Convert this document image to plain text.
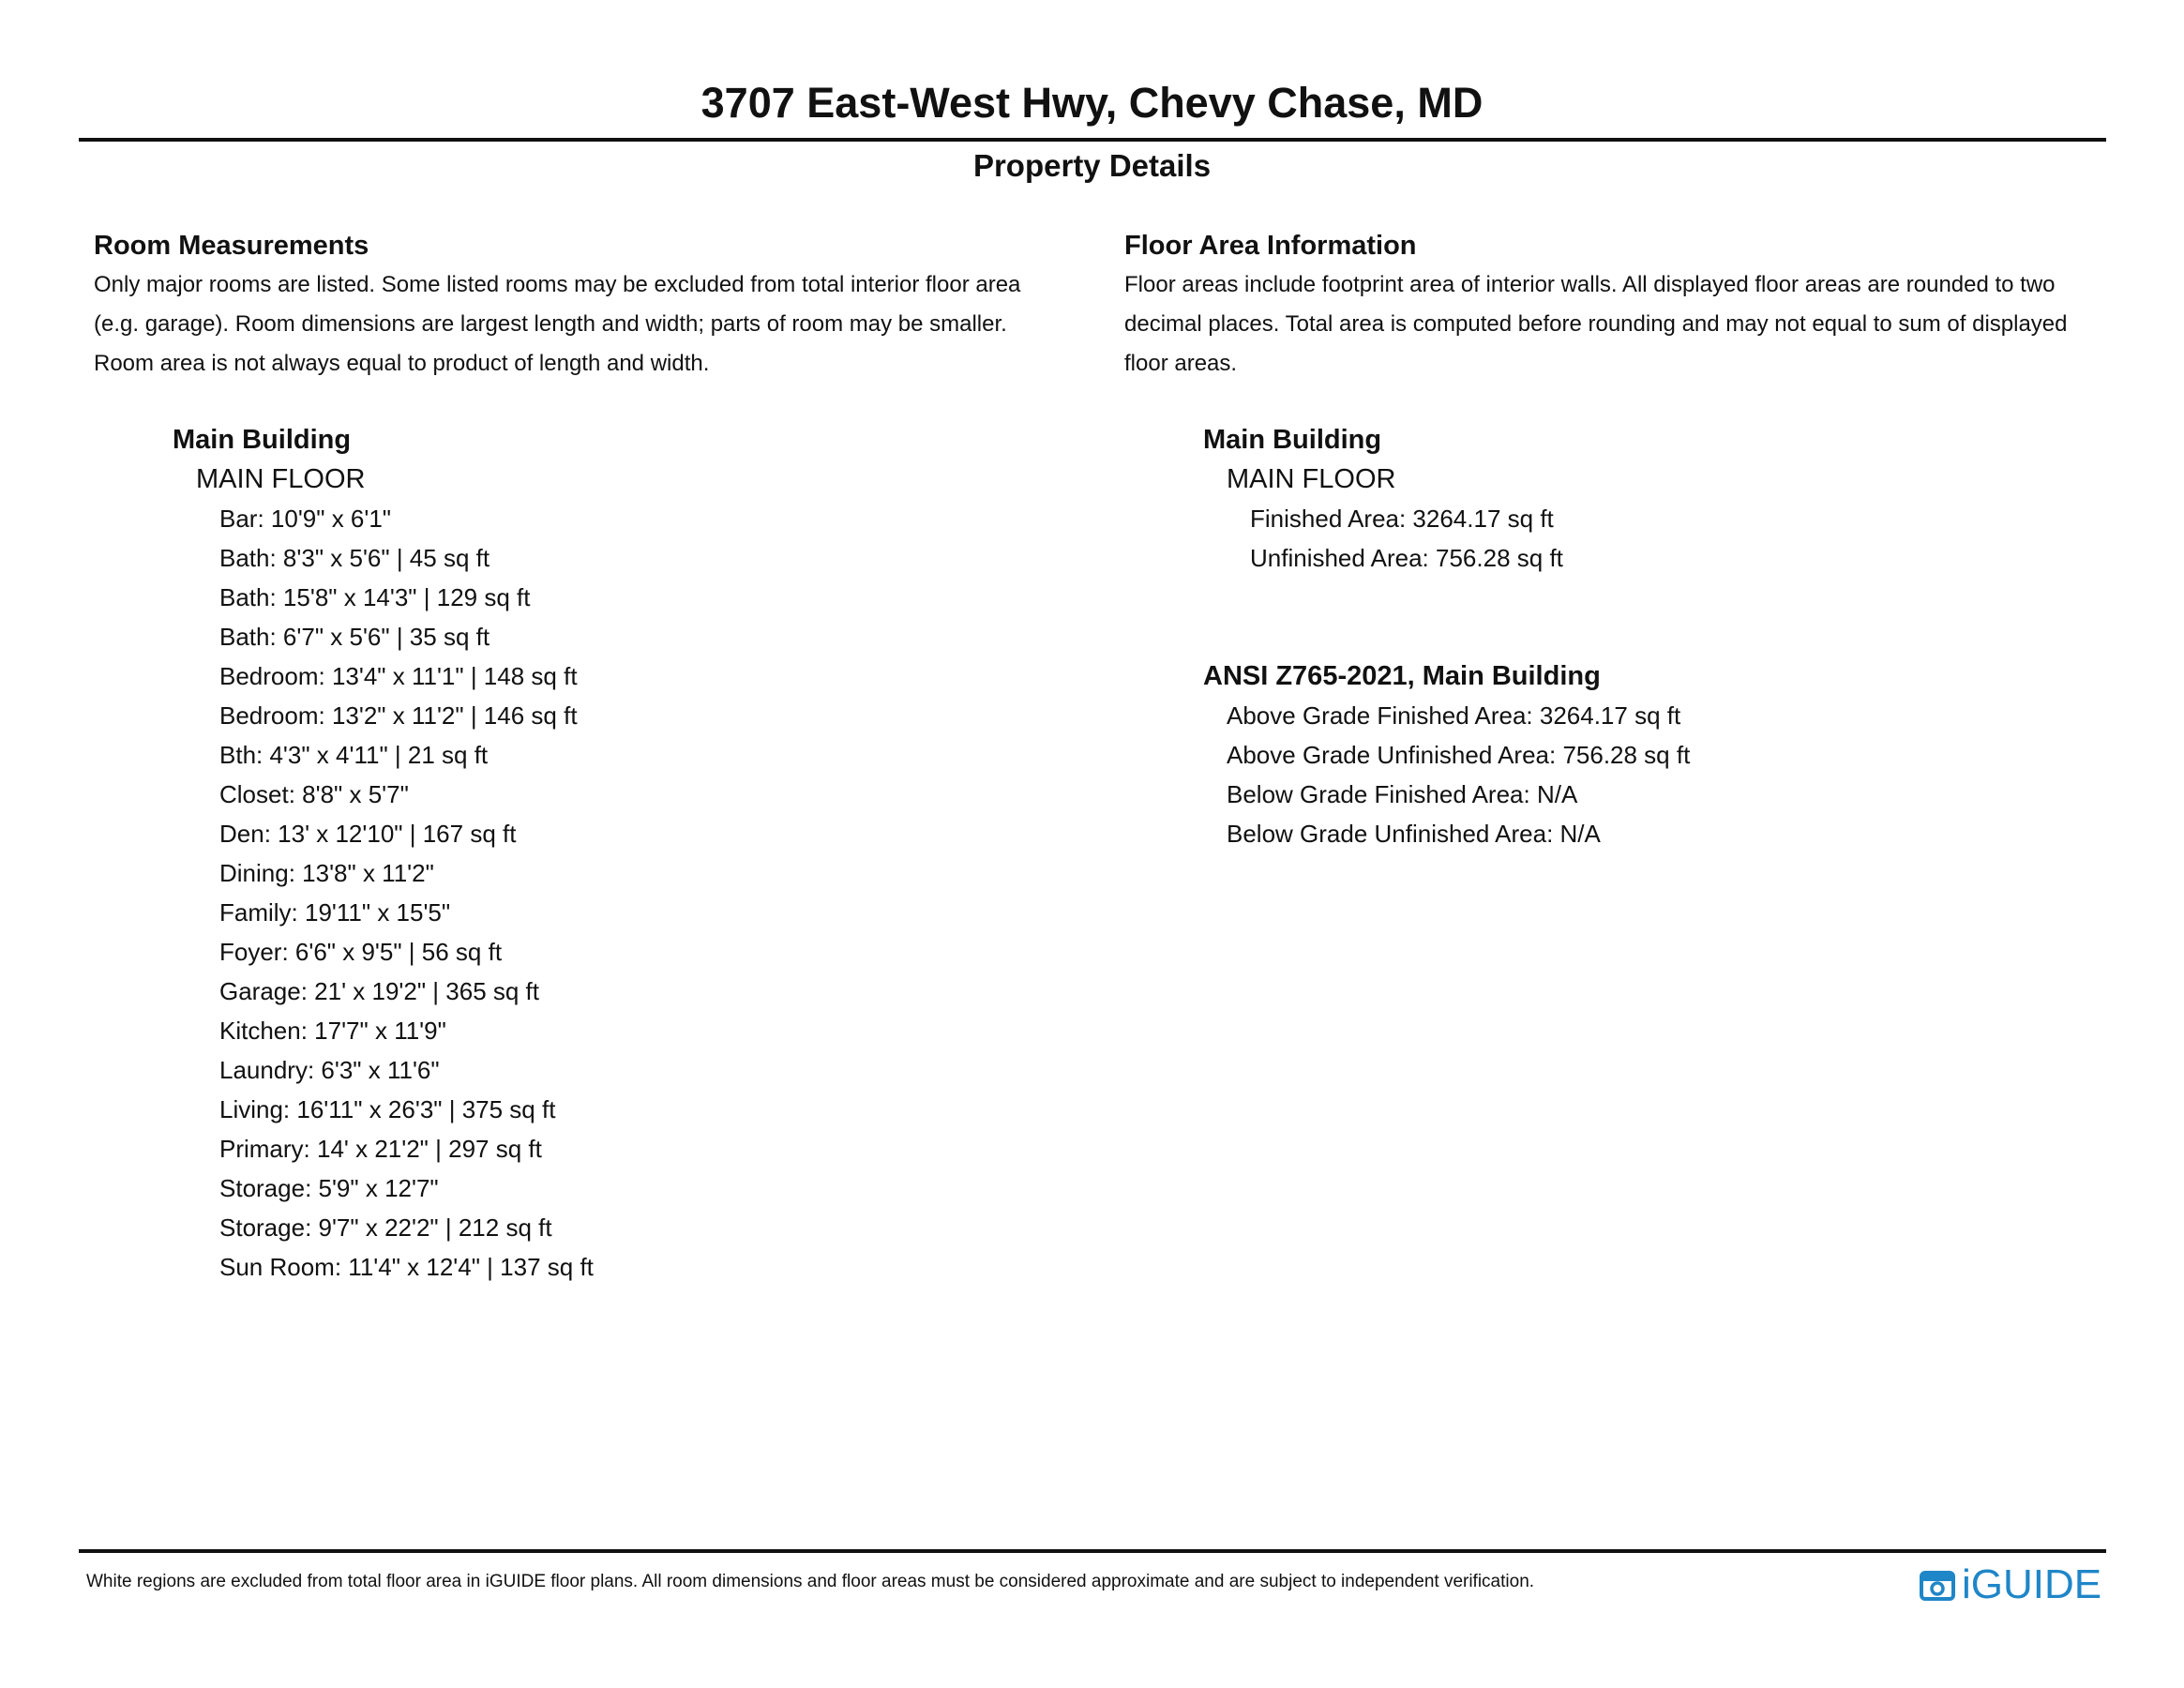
3707 East-West Hwy, Chevy Chase, MD
Property Details
Room Measurements
Only major rooms are listed. Some listed rooms may be excluded from total interior floor area
(e.g. garage). Room dimensions are largest length and width; parts of room may be smaller.
Room area is not always equal to product of length and width.
Main Building
MAIN FLOOR
Bar: 10'9" x 6'1"
Bath: 8'3" x 5'6" | 45 sq ft
Bath: 15'8" x 14'3" | 129 sq ft
Bath: 6'7" x 5'6" | 35 sq ft
Bedroom: 13'4" x 11'1" | 148 sq ft
Bedroom: 13'2" x 11'2" | 146 sq ft
Bth: 4'3" x 4'11" | 21 sq ft
Closet: 8'8" x 5'7"
Den: 13' x 12'10" | 167 sq ft
Dining: 13'8" x 11'2"
Family: 19'11" x 15'5"
Foyer: 6'6" x 9'5" | 56 sq ft
Garage: 21' x 19'2" | 365 sq ft
Kitchen: 17'7" x 11'9"
Laundry: 6'3" x 11'6"
Living: 16'11" x 26'3" | 375 sq ft
Primary: 14' x 21'2" | 297 sq ft
Storage: 5'9" x 12'7"
Storage: 9'7" x 22'2" | 212 sq ft
Sun Room: 11'4" x 12'4" | 137 sq ft
Floor Area Information
Floor areas include footprint area of interior walls. All displayed floor areas are rounded to two
decimal places. Total area is computed before rounding and may not equal to sum of displayed
floor areas.
Main Building
MAIN FLOOR
Finished Area: 3264.17 sq ft
Unfinished Area: 756.28 sq ft
ANSI Z765-2021, Main Building
Above Grade Finished Area: 3264.17 sq ft
Above Grade Unfinished Area: 756.28 sq ft
Below Grade Finished Area: N/A
Below Grade Unfinished Area: N/A
White regions are excluded from total floor area in iGUIDE floor plans. All room dimensions and floor areas must be considered approximate and are subject to independent verification.	iGUIDE
